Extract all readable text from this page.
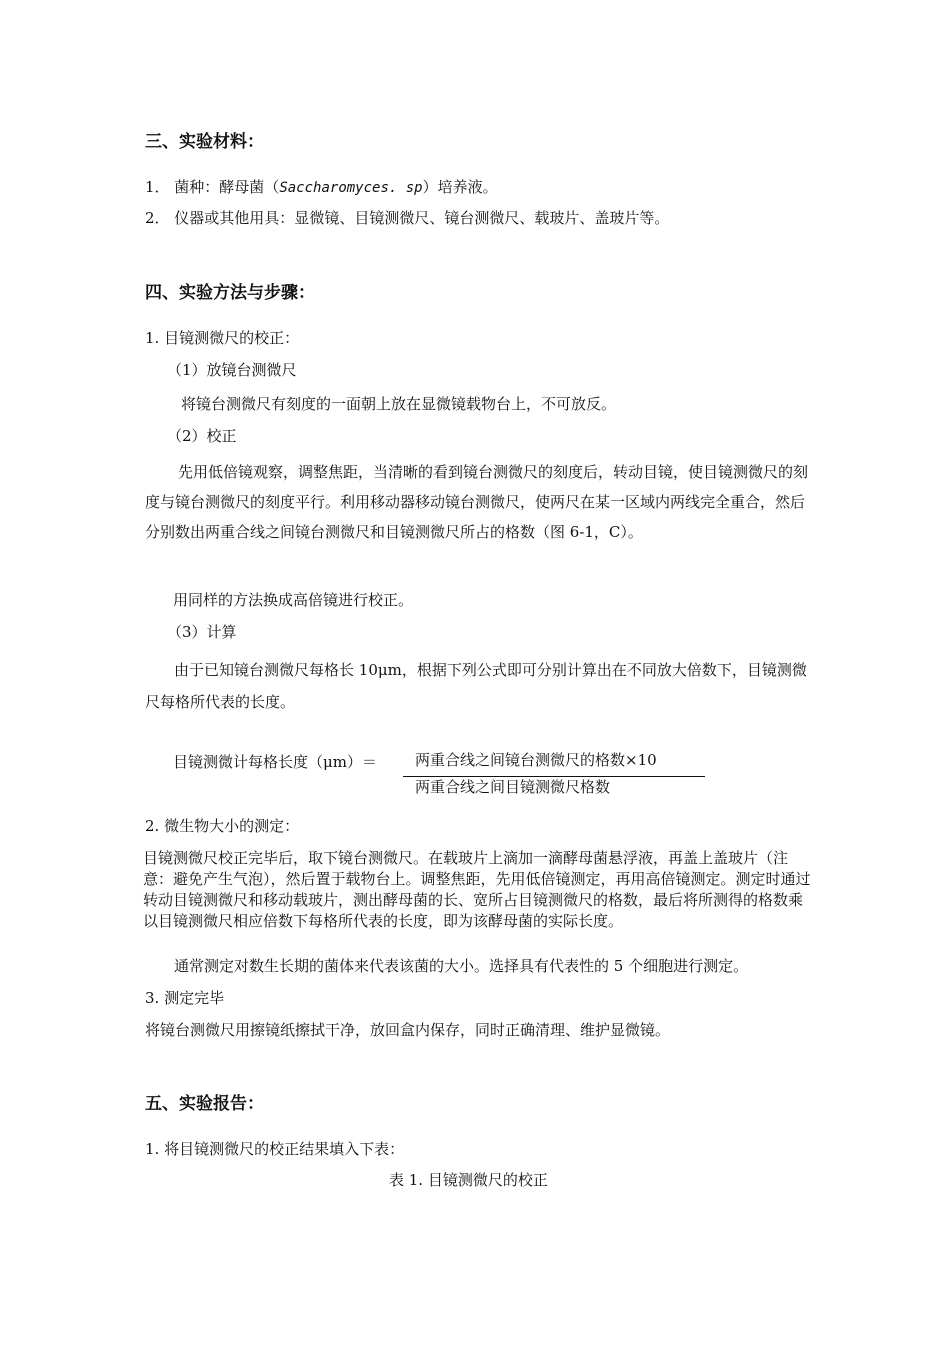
三、实验材料：
1． 菌种：酵母菌（Saccharomyces. sp）培养液。
2． 仪器或其他用具：显微镜、目镜测微尺、镜台测微尺、载玻片、盖玻片等。
四、实验方法与步骤：
1. 目镜测微尺的校正：
（1）放镜台测微尺
将镜台测微尺有刻度的一面朝上放在显微镜载物台上，不可放反。
（2）校正
先用低倍镜观察，调整焦距，当清晰的看到镜台测微尺的刻度后，转动目镜，使目镜测微尺的刻度与镜台测微尺的刻度平行。利用移动器移动镜台测微尺，使两尺在某一区域内两线完全重合，然后分别数出两重合线之间镜台测微尺和目镜测微尺所占的格数（图 6-1，C）。
用同样的方法换成高倍镜进行校正。
（3）计算
由于已知镜台测微尺每格长 10μm，根据下列公式即可分别计算出在不同放大倍数下，目镜测微尺每格所代表的长度。
目镜测微计每格长度（μm）＝	两重合线之间镜台测微尺的格数×10
两重合线之间目镜测微尺格数
2. 微生物大小的测定：
目镜测微尺校正完毕后，取下镜台测微尺。在载玻片上滴加一滴酵母菌悬浮液，再盖上盖玻片（注意：避免产生气泡），然后置于载物台上。调整焦距，先用低倍镜测定，再用高倍镜测定。测定时通过转动目镜测微尺和移动载玻片，测出酵母菌的长、宽所占目镜测微尺的格数，最后将所测得的格数乘以目镜测微尺相应倍数下每格所代表的长度，即为该酵母菌的实际长度。
通常测定对数生长期的菌体来代表该菌的大小。选择具有代表性的 5 个细胞进行测定。
3. 测定完毕
将镜台测微尺用擦镜纸擦拭干净，放回盒内保存，同时正确清理、维护显微镜。
五、实验报告：
1. 将目镜测微尺的校正结果填入下表：
表 1. 目镜测微尺的校正
